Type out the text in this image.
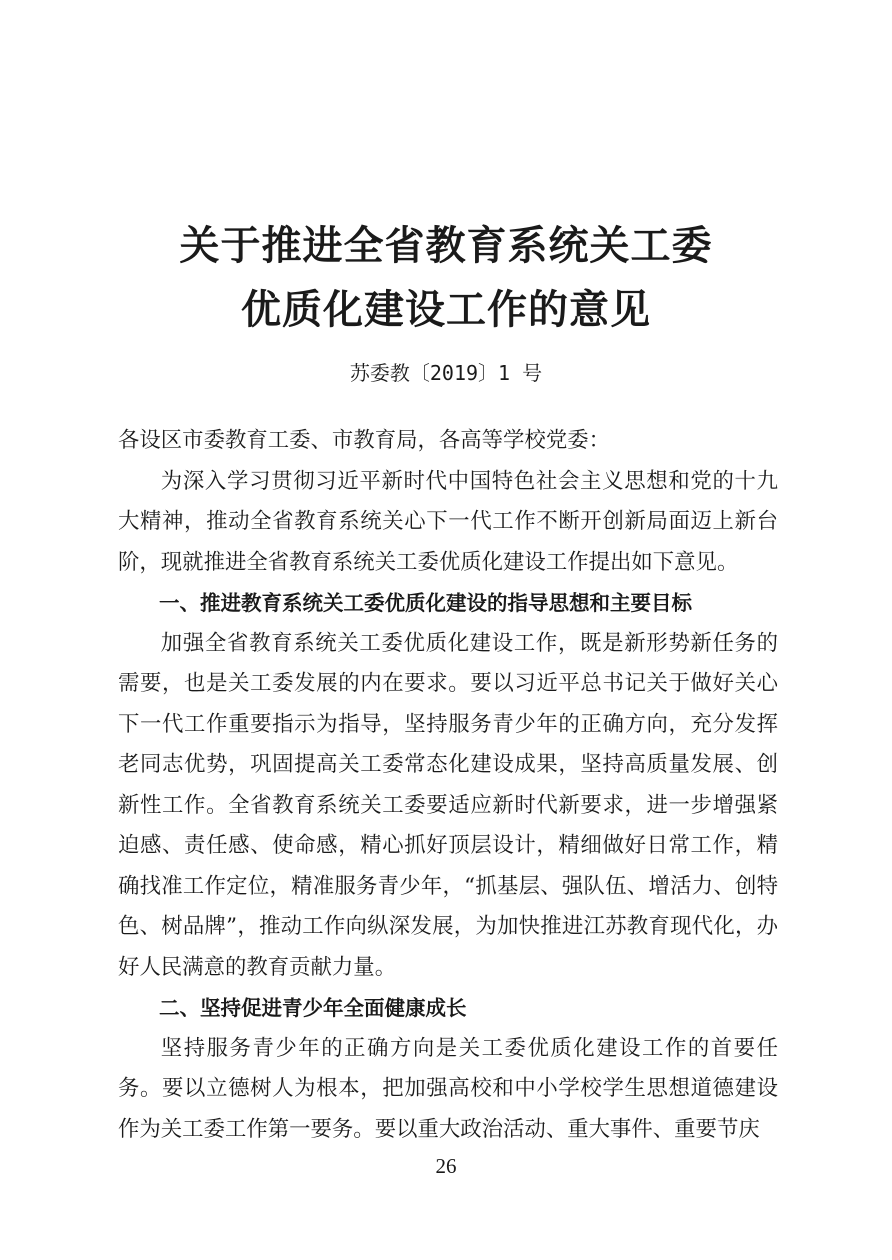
关于推进全省教育系统关工委
优质化建设工作的意见
苏委教〔2019〕1 号

各设区市委教育工委、市教育局，各高等学校党委：

为深入学习贯彻习近平新时代中国特色社会主义思想和党的十九大精神，推动全省教育系统关心下一代工作不断开创新局面迈上新台阶，现就推进全省教育系统关工委优质化建设工作提出如下意见。

一、推进教育系统关工委优质化建设的指导思想和主要目标

加强全省教育系统关工委优质化建设工作，既是新形势新任务的需要，也是关工委发展的内在要求。要以习近平总书记关于做好关心下一代工作重要指示为指导，坚持服务青少年的正确方向，充分发挥老同志优势，巩固提高关工委常态化建设成果，坚持高质量发展、创新性工作。全省教育系统关工委要适应新时代新要求，进一步增强紧迫感、责任感、使命感，精心抓好顶层设计，精细做好日常工作，精确找准工作定位，精准服务青少年，“抓基层、强队伍、增活力、创特色、树品牌”，推动工作向纵深发展，为加快推进江苏教育现代化，办好人民满意的教育贡献力量。

二、坚持促进青少年全面健康成长

坚持服务青少年的正确方向是关工委优质化建设工作的首要任务。要以立德树人为根本，把加强高校和中小学校学生思想道德建设作为关工委工作第一要务。要以重大政治活动、重大事件、重要节庆

26
